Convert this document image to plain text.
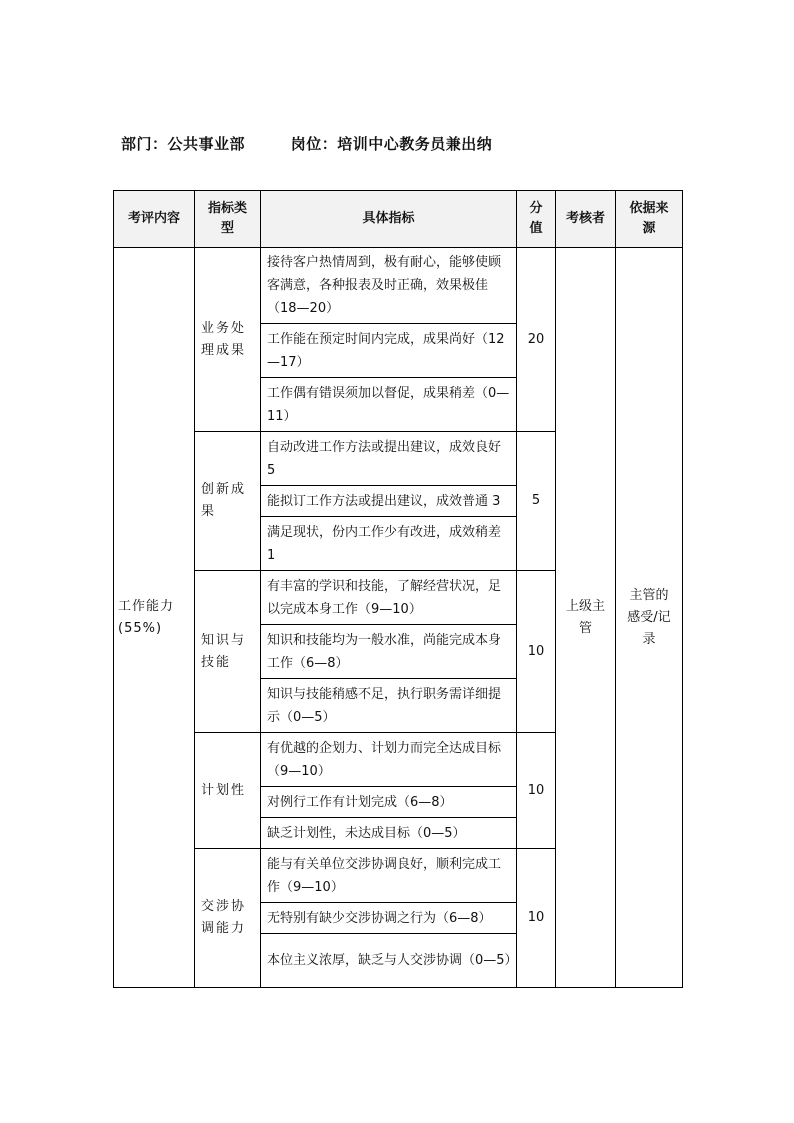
部门：公共事业部	岗位：培训中心教务员兼出纳
考评内容	指标类型	具体指标	分值	考核者	依据来源
工作能力(55%)	业务处理成果	接待客户热情周到，极有耐心，能够使顾客满意，各种报表及时正确，效果极佳（18—20）	20	上级主管	主管的感受/记录
		工作能在预定时间内完成，成果尚好（12—17）			
		工作偶有错误须加以督促，成果稍差（0—11）			
	创新成果	自动改进工作方法或提出建议，成效良好 5	5		
		能拟订工作方法或提出建议，成效普通 3			
		满足现状，份内工作少有改进，成效稍差 1			
	知识与技能	有丰富的学识和技能，了解经营状况，足以完成本身工作（9—10）	10		
		知识和技能均为一般水准，尚能完成本身工作（6—8）			
		知识与技能稍感不足，执行职务需详细提示（0—5）			
	计划性	有优越的企划力、计划力而完全达成目标（9—10）	10		
		对例行工作有计划完成（6—8）			
		缺乏计划性，未达成目标（0—5）			
	交涉协调能力	能与有关单位交涉协调良好，顺利完成工作（9—10）	10		
		无特别有缺少交涉协调之行为（6—8）			
		本位主义浓厚，缺乏与人交涉协调（0—5）			
